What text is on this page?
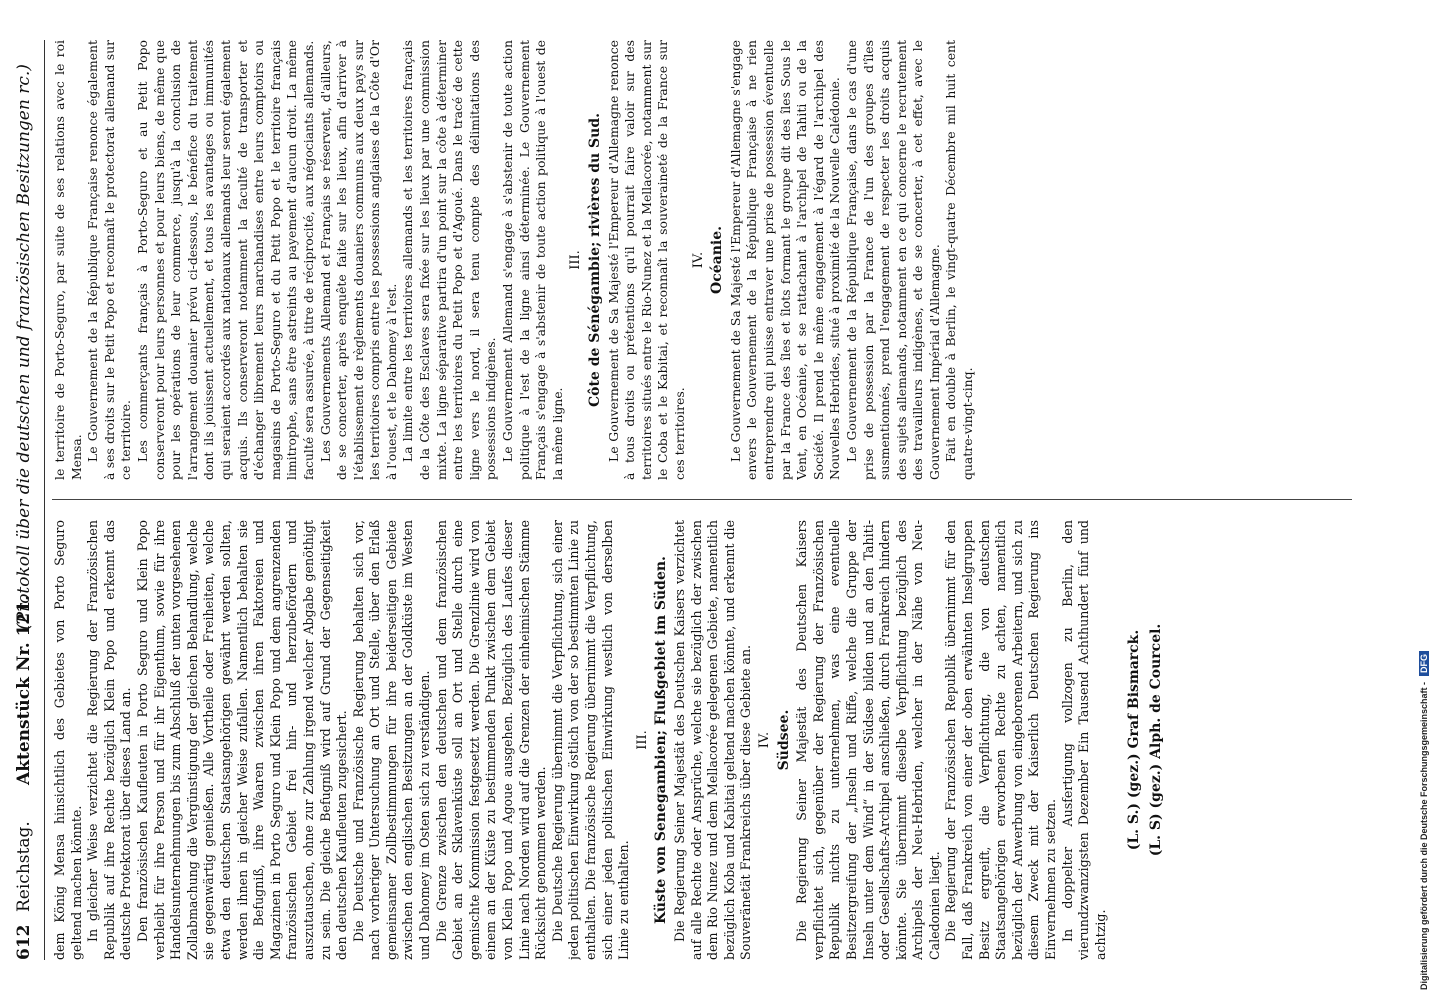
612
Reichstag.
Aktenstück Nr. 121.
(Protokoll über die deutschen und französischen Besitzungen rc.)

dem König Mensa hinsichtlich des Gebietes von Porto Seguro geltend machen könnte. In gleicher Weise verzichtet die Regierung der Französischen Republik auf ihre Rechte bezüglich Klein Popo und erkennt das deutsche Protektorat über dieses Land an. Den französischen Kaufleuten in Porto Seguro und Klein Popo verbleibt für ihre Person und für ihr Eigenthum, sowie für ihre Handelsunternehmungen bis zum Abschluß der unten vorgesehenen Zollabmachung die Vergünstigung der gleichen Behandlung, welche sie gegenwärtig genießen. Alle Vortheile oder Freiheiten, welche etwa den deutschen Staatsangehörigen gewährt werden sollten, werden ihnen in gleicher Weise zufallen. Namentlich behalten sie die Befugniß, ihre Waaren zwischen ihren Faktoreien und Magazinen in Porto Seguro und Klein Popo und dem angrenzenden französischen Gebiet frei hin- und herzubefördern und auszutauschen, ohne zur Zahlung irgend welcher Abgabe genöthigt zu sein. Die gleiche Befugniß wird auf Grund der Gegenseitigkeit den deutschen Kaufleuten zugesichert. Die Deutsche und Französische Regierung behalten sich vor, nach vorheriger Untersuchung an Ort und Stelle, über den Erlaß gemeinsamer Zollbestimmungen für ihre beiderseitigen Gebiete zwischen den englischen Besitzungen an der Goldküste im Westen und Dahomey im Osten sich zu verständigen. Die Grenze zwischen den deutschen und dem französischen Gebiet an der Sklavenküste soll an Ort und Stelle durch eine gemischte Kommission festgesetzt werden. Die Grenzlinie wird von einem an der Küste zu bestimmenden Punkt zwischen dem Gebiet von Klein Popo und Agoue ausgehen. Bezüglich des Laufes dieser Linie nach Norden wird auf die Grenzen der einheimischen Stämme Rücksicht genommen werden. Die Deutsche Regierung übernimmt die Verpflichtung, sich einer jeden politischen Einwirkung östlich von der so bestimmten Linie zu enthalten. Die französische Regierung übernimmt die Verpflichtung, sich einer jeden politischen Einwirkung westlich von derselben Linie zu enthalten.

III. Küste von Senegambien; Flußgebiet im Süden. Die Regierung Seiner Majestät des Deutschen Kaisers verzichtet auf alle Rechte oder Ansprüche, welche sie bezüglich der zwischen dem Rio Nunez und dem Mellacorée gelegenen Gebiete, namentlich bezüglich Koba und Kabitai geltend machen könnte, und erkennt die Souveränetät Frankreichs über diese Gebiete an. IV. Südsee. Die Regierung Seiner Majestät des Deutschen Kaisers verpflichtet sich, gegenüber der Regierung der Französischen Republik nichts zu unternehmen, was eine eventuelle Besitzergreifung der „Inseln und Riffe, welche die Gruppe der Inseln unter dem Wind“ in der Südsee bilden und an den Tahiti- oder Gesellschafts-Archipel anschließen, durch Frankreich hindern könnte. Sie übernimmt dieselbe Verpflichtung bezüglich des Archipels der Neu-Hebriden, welcher in der Nähe von Neu-Caledonien liegt. Die Regierung der Französischen Republik übernimmt für den Fall, daß Frankreich von einer der oben erwähnten Inselgruppen Besitz ergreift, die Verpflichtung, die von deutschen Staatsangehörigen erworbenen Rechte zu achten, namentlich bezüglich der Anwerbung von eingeborenen Arbeitern, und sich zu diesem Zweck mit der Kaiserlich Deutschen Regierung ins Einvernehmen zu setzen. In doppelter Ausfertigung vollzogen zu Berlin, den vierundzwanzigsten Dezember Ein Tausend Achthundert fünf und achtzig.

(L. S.) (gez.) Graf Bismarck. (L. S) (gez.) Alph. de Courcel.

le territoire de Porto-Seguro, par suite de ses relations avec le roi Mensa. Le Gouvernement de la République Française renonce également à ses droits sur le Petit Popo et reconnaît le protectorat allemand sur ce territoire. Les commerçants français à Porto-Seguro et au Petit Popo conserveront pour leurs personnes et pour leurs biens, de même que pour les opérations de leur commerce, jusqu'à la conclusion de l'arrangement douanier prévu ci-dessous, le bénéfice du traitement dont ils jouissent actuellement, et tous les avantages ou immunités qui seraient accordés aux nationaux allemands leur seront également acquis. Ils conserveront notamment la faculté de transporter et d'échanger librement leurs marchandises entre leurs comptoirs ou magasins de Porto-Seguro et du Petit Popo et le territoire français limitrophe, sans être astreints au payement d'aucun droit. La même faculté sera assurée, à titre de réciprocité, aux négociants allemands. Les Gouvernements Allemand et Français se réservent, d'ailleurs, de se concerter, après enquête faite sur les lieux, afin d'arriver à l'établissement de règlements douaniers communs aux deux pays sur les territoires compris entre les possessions anglaises de la Côte d'Or à l'ouest, et le Dahomey à l'est. La limite entre les territoires allemands et les territoires français de la Côte des Esclaves sera fixée sur les lieux par une commission mixte. La ligne séparative partira d'un point sur la côte à déterminer entre les territoires du Petit Popo et d'Agoué. Dans le tracé de cette ligne vers le nord, il sera tenu compte des délimitations des possessions indigènes. Le Gouvernement Allemand s'engage à s'abstenir de toute action politique à l'est de la ligne ainsi déterminée. Le Gouvernement Français s'engage à s'abstenir de toute action politique à l'ouest de la même ligne.

III. Côte de Sénégambie; rivières du Sud. Le Gouvernement de Sa Majesté l'Empereur d'Allemagne renonce à tous droits ou prétentions qu'il pourrait faire valoir sur des territoires situés entre le Rio-Nunez et la Mellacorée, notamment sur le Coba et le Kabitai, et reconnaît la souveraineté de la France sur ces territoires.

IV. Océanie. Le Gouvernement de Sa Majesté l'Empereur d'Allemagne s'engage envers le Gouvernement de la République Française à ne rien entreprendre qui puisse entraver une prise de possession éventuelle par la France des îles et îlots formant le groupe dit des îles Sous le Vent, en Océanie, et se rattachant à l'archipel de Tahiti ou de la Société. Il prend le même engagement à l'égard de l'archipel des Nouvelles Hebrides, situé à proximité de la Nouvelle Calédonie. Le Gouvernement de la République Française, dans le cas d'une prise de possession par la France de l'un des groupes d'îles susmentionnés, prend l'engagement de respecter les droits acquis des sujets allemands, notamment en ce qui concerne le recrutement des travailleurs indigènes, et de se concerter, à cet effet, avec le Gouvernement Impérial d'Allemagne. Fait en double à Berlin, le vingt-quatre Décembre mil huit cent quatre-vingt-cinq.

Digitalisierung gefördert durch die Deutsche Forschungsgemeinschaft -DFG
